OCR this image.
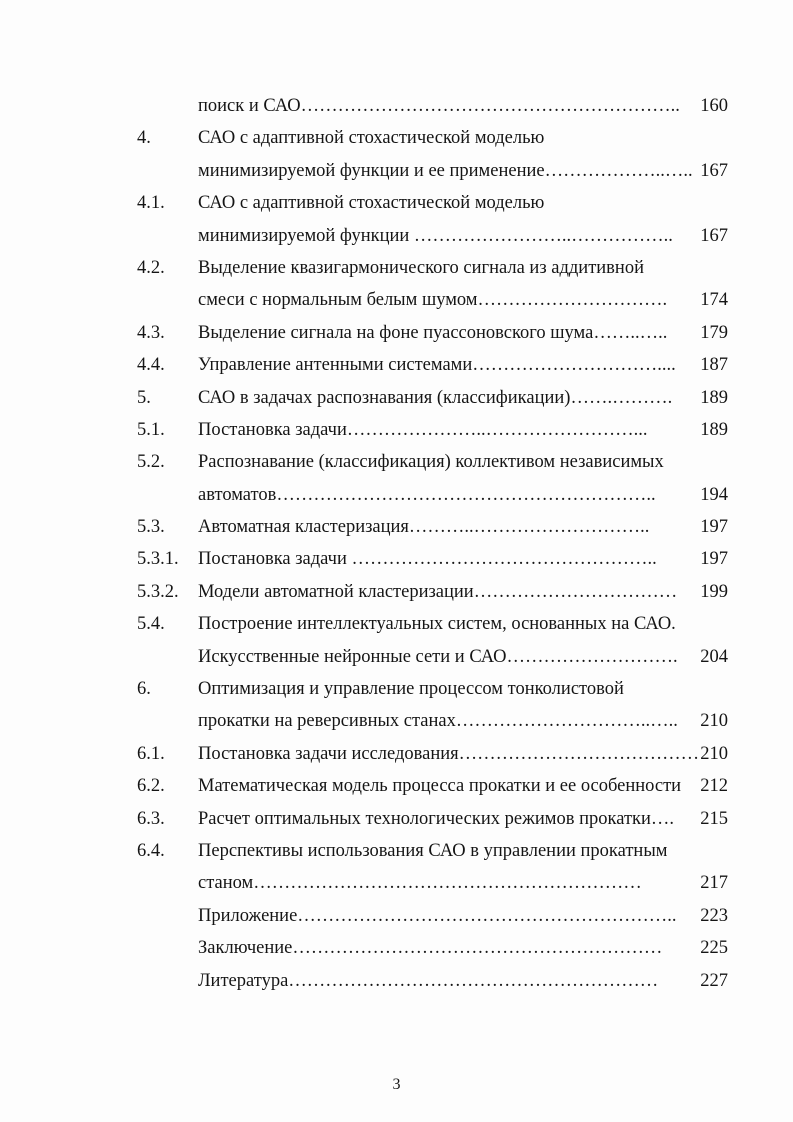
поиск и САО…………………………………………………….. 160
4.	САО с адаптивной стохастической моделью
минимизируемой функции и ее применение………………..….. 167
4.1. САО с адаптивной стохастической моделью
минимизируемой функции ……………………..…………….. 167
4.2. Выделение квазигармонического сигнала из аддитивной
смеси с нормальным белым шумом…………………………. 174
4.3. Выделение сигнала на фоне пуассоновского шума……..….. 179
4.4. Управление антенными системами………………………….... 187
5.	САО в задачах распознавания (классификации)…….………. 189
5.1. Постановка задачи…………………..……………………...	189
5.2. Распознавание (классификация) коллективом независимых
автоматов…………………………………………………….. 194
5.3. Автоматная кластеризация………..………………………..	197
5.3.1. Постановка задачи ………………………………………….. 197
5.3.2. Модели автоматной кластеризации…………………………… 199
5.4. Построение интеллектуальных систем, основанных на САО.
Искусственные нейронные сети и САО………………………. 204
6.	Оптимизация и управление процессом тонколистовой
прокатки на реверсивных станах…………………………..….. 210
6.1. Постановка задачи исследования………………………………… 210
6.2. Математическая модель процесса прокатки и ее особенности 212
6.3. Расчет оптимальных технологических режимов прокатки…. 215
6.4. Перспективы использования САО в управлении прокатным
станом………………………………………………………	217
Приложение…………………………………………………….. 223
Заключение…………………………………………………… 225
Литература…………………………………………………… 227
3
